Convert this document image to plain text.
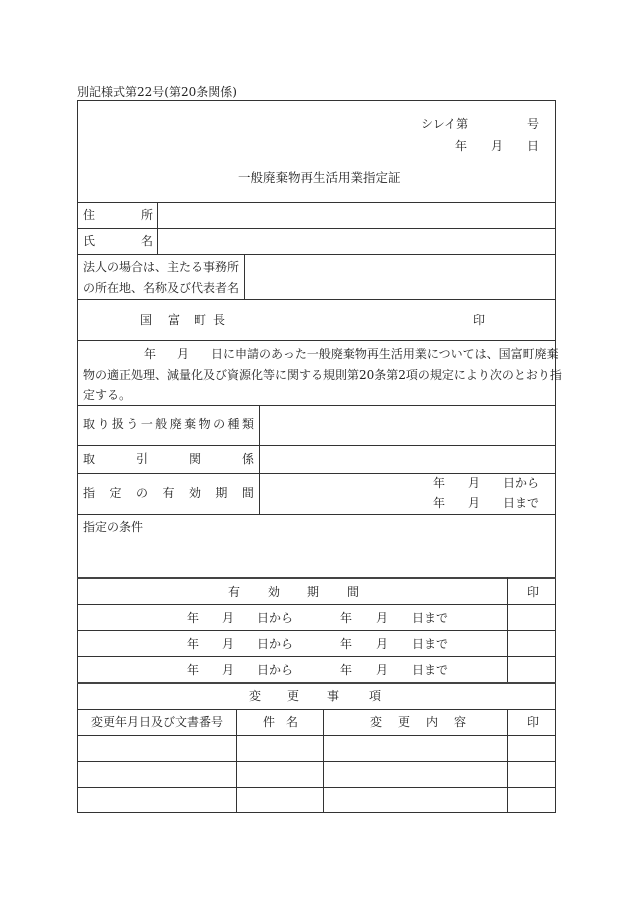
別記様式第22号(第20条関係)
シレイ第	号
年 月 日
一般廃棄物再生活用業指定証
住	所
氏	名
法人の場合は、主たる事務所
の所在地、名称及び代表者名
国 富 町 長	印
年 月 日に申請のあった一般廃棄物再生活用業については、国富町廃棄
物の適正処理、減量化及び資源化等に関する規則第20条第2項の規定により次のとおり指
定する。
取 り 扱 う 一 般 廃 棄 物 の 種 類
取	引	関	係
指 定 の 有 効 期 間
年 月 日から
年 月 日まで
指定の条件
有 効 期 間	印
年 月 日から	年 月 日まで
年 月 日から	年 月 日まで
年 月 日から	年 月 日まで
変 更 事 項
変更年月日及び文書番号	件 名	変 更 内 容	印
